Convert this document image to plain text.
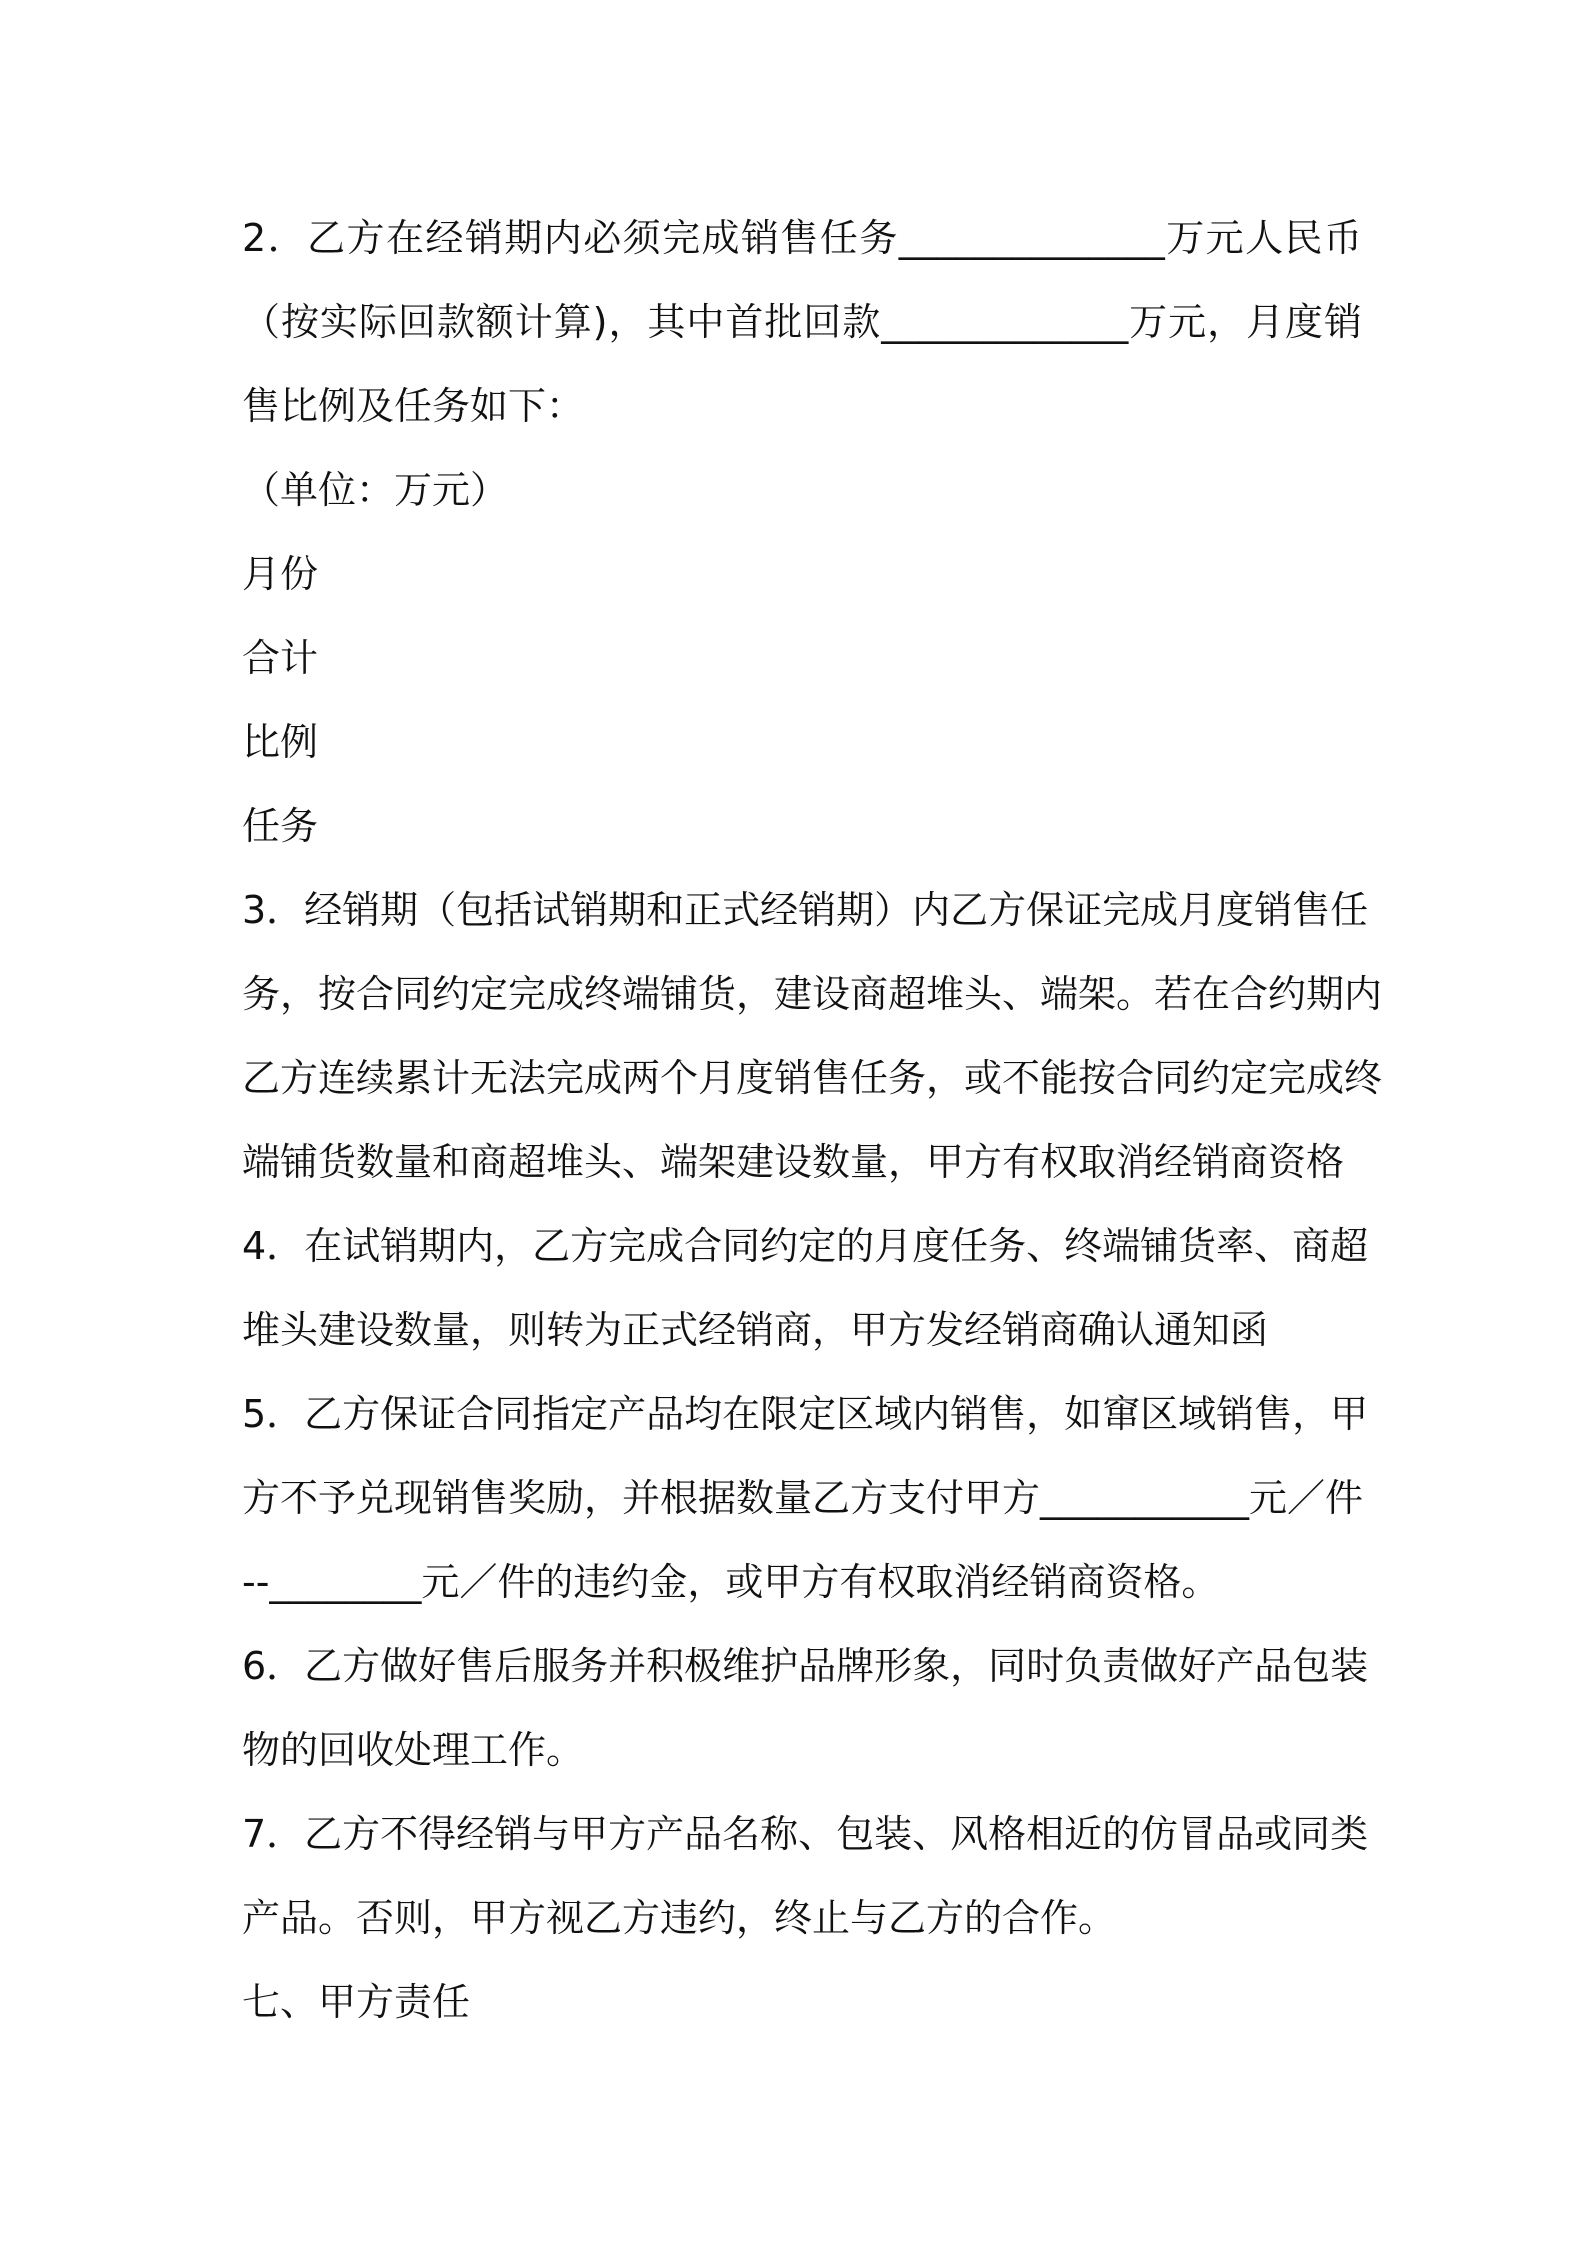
2．乙方在经销期内必须完成销售任务______________万元人民币
（按实际回款额计算)，其中首批回款_____________万元，月度销
售比例及任务如下：
（单位：万元）
月份
合计
比例
任务
3．经销期（包括试销期和正式经销期）内乙方保证完成月度销售任
务，按合同约定完成终端铺货，建设商超堆头、端架。若在合约期内
乙方连续累计无法完成两个月度销售任务，或不能按合同约定完成终
端铺货数量和商超堆头、端架建设数量，甲方有权取消经销商资格
4．在试销期内，乙方完成合同约定的月度任务、终端铺货率、商超
堆头建设数量，则转为正式经销商，甲方发经销商确认通知函
5．乙方保证合同指定产品均在限定区域内销售，如窜区域销售，甲
方不予兑现销售奖励，并根据数量乙方支付甲方___________元／件
--________元／件的违约金，或甲方有权取消经销商资格。
6．乙方做好售后服务并积极维护品牌形象，同时负责做好产品包装
物的回收处理工作。
7．乙方不得经销与甲方产品名称、包装、风格相近的仿冒品或同类
产品。否则，甲方视乙方违约，终止与乙方的合作。
七、甲方责任
